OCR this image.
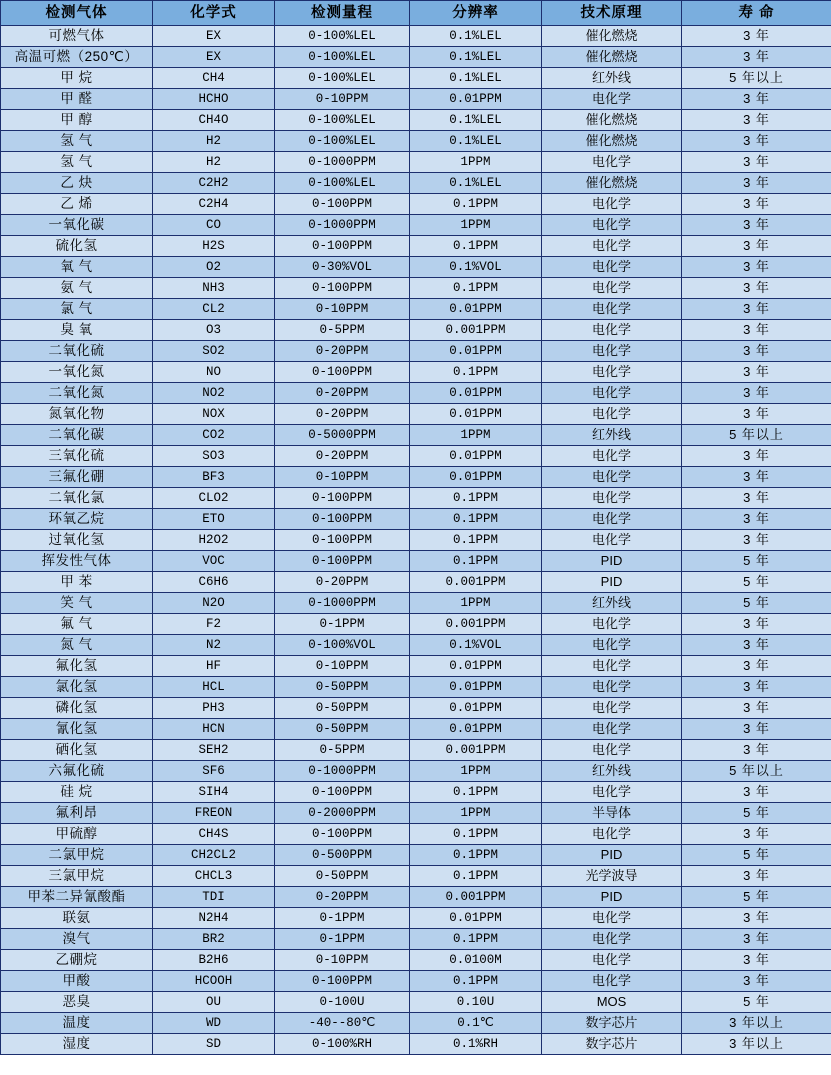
检测气体	化学式	检测量程	分辨率	技术原理	寿 命
可燃气体	EX	0-100%LEL	0.1%LEL	催化燃烧	3 年
高温可燃（250℃）	EX	0-100%LEL	0.1%LEL	催化燃烧	3 年
甲 烷	CH4	0-100%LEL	0.1%LEL	红外线	5 年以上
甲 醛	HCHO	0-10PPM	0.01PPM	电化学	3 年
甲 醇	CH4O	0-100%LEL	0.1%LEL	催化燃烧	3 年
氢 气	H2	0-100%LEL	0.1%LEL	催化燃烧	3 年
氢 气	H2	0-1000PPM	1PPM	电化学	3 年
乙 炔	C2H2	0-100%LEL	0.1%LEL	催化燃烧	3 年
乙 烯	C2H4	0-100PPM	0.1PPM	电化学	3 年
一氧化碳	CO	0-1000PPM	1PPM	电化学	3 年
硫化氢	H2S	0-100PPM	0.1PPM	电化学	3 年
氧 气	O2	0-30%VOL	0.1%VOL	电化学	3 年
氨 气	NH3	0-100PPM	0.1PPM	电化学	3 年
氯 气	CL2	0-10PPM	0.01PPM	电化学	3 年
臭 氧	O3	0-5PPM	0.001PPM	电化学	3 年
二氧化硫	SO2	0-20PPM	0.01PPM	电化学	3 年
一氧化氮	NO	0-100PPM	0.1PPM	电化学	3 年
二氧化氮	NO2	0-20PPM	0.01PPM	电化学	3 年
氮氧化物	NOX	0-20PPM	0.01PPM	电化学	3 年
二氧化碳	CO2	0-5000PPM	1PPM	红外线	5 年以上
三氧化硫	SO3	0-20PPM	0.01PPM	电化学	3 年
三氟化硼	BF3	0-10PPM	0.01PPM	电化学	3 年
二氧化氯	CLO2	0-100PPM	0.1PPM	电化学	3 年
环氧乙烷	ETO	0-100PPM	0.1PPM	电化学	3 年
过氧化氢	H2O2	0-100PPM	0.1PPM	电化学	3 年
挥发性气体	VOC	0-100PPM	0.1PPM	PID	5 年
甲 苯	C6H6	0-20PPM	0.001PPM	PID	5 年
笑 气	N2O	0-1000PPM	1PPM	红外线	5 年
氟 气	F2	0-1PPM	0.001PPM	电化学	3 年
氮 气	N2	0-100%VOL	0.1%VOL	电化学	3 年
氟化氢	HF	0-10PPM	0.01PPM	电化学	3 年
氯化氢	HCL	0-50PPM	0.01PPM	电化学	3 年
磷化氢	PH3	0-50PPM	0.01PPM	电化学	3 年
氰化氢	HCN	0-50PPM	0.01PPM	电化学	3 年
硒化氢	SEH2	0-5PPM	0.001PPM	电化学	3 年
六氟化硫	SF6	0-1000PPM	1PPM	红外线	5 年以上
硅 烷	SIH4	0-100PPM	0.1PPM	电化学	3 年
氟利昂	FREON	0-2000PPM	1PPM	半导体	5 年
甲硫醇	CH4S	0-100PPM	0.1PPM	电化学	3 年
二氯甲烷	CH2CL2	0-500PPM	0.1PPM	PID	5 年
三氯甲烷	CHCL3	0-50PPM	0.1PPM	光学波导	3 年
甲苯二异氰酸酯	TDI	0-20PPM	0.001PPM	PID	5 年
联氨	N2H4	0-1PPM	0.01PPM	电化学	3 年
溴气	BR2	0-1PPM	0.1PPM	电化学	3 年
乙硼烷	B2H6	0-10PPM	0.0100M	电化学	3 年
甲酸	HCOOH	0-100PPM	0.1PPM	电化学	3 年
恶臭	OU	0-100U	0.10U	MOS	5 年
温度	WD	-40--80℃	0.1℃	数字芯片	3 年以上
湿度	SD	0-100%RH	0.1%RH	数字芯片	3 年以上
